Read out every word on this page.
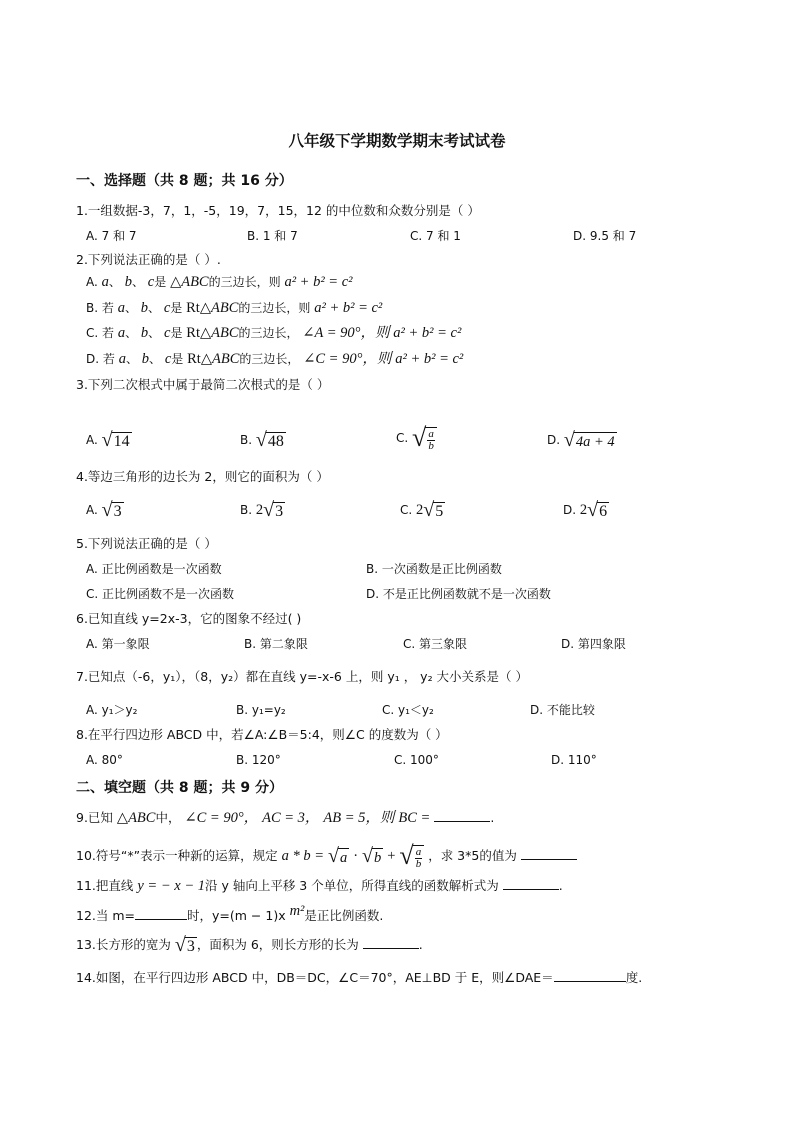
八年级下学期数学期末考试试卷
一、选择题（共 8 题；共 16 分）
1.一组数据-3，7，1，-5，19，7，15，12 的中位数和众数分别是（ ）
A. 7 和 7	B. 1 和 7	C. 7 和 1	D. 9.5 和 7
2.下列说法正确的是（ ）.
A. a、 b、 c是 △ABC的三边长，则 a² + b² = c²
B. 若 a、 b、 c是 Rt△ABC的三边长，则 a² + b² = c²
C. 若 a、 b、 c是 Rt△ABC的三边长， ∠A = 90°，则 a² + b² = c²
D. 若 a、 b、 c是 Rt△ABC的三边长， ∠C = 90°，则 a² + b² = c²
3.下列二次根式中属于最简二次根式的是（ ）
A. √ 14	B. √ 48	C. √ $\frac{a}{b}$	D. √ 4a + 4
4.等边三角形的边长为 2，则它的面积为（ ）
A. √ 3	B. 2 √ 3	C. 2 √ 5	D. 2 √ 6
5.下列说法正确的是（ ）
A. 正比例函数是一次函数	B. 一次函数是正比例函数
C. 正比例函数不是一次函数	D. 不是正比例函数就不是一次函数
6.已知直线 y=2x-3，它的图象不经过( )
A. 第一象限	B. 第二象限	C. 第三象限	D. 第四象限
7.已知点（-6，y₁），（8，y₂）都在直线 y=-x-6 上，则 y₁ ， y₂ 大小关系是（ ）
A. y₁＞y₂	B. y₁=y₂	C. y₁＜y₂	D. 不能比较
8.在平行四边形 ABCD 中，若∠A:∠B＝5:4，则∠C 的度数为（ ）
A. 80°	B. 120°	C. 100°	D. 110°
二、填空题（共 8 题；共 9 分）
9.已知 △ABC中， ∠C = 90°， AC = 3， AB = 5，则 BC =	.
10.符号“*”表示一种新的运算，规定 a * b = √ a · √ b + √ $\frac{a}{b}$ ，求 3*5的值为
11.把直线 y = − x − 1沿 y 轴向上平移 3 个单位，所得直线的函数解析式为	.
12.当 m=	时，y=(m − 1)x $^{m^2}$是正比例函数.
13.长方形的宽为 √ 3 ，面积为 6，则长方形的长为	.
14.如图，在平行四边形 ABCD 中，DB＝DC，∠C＝70°，AE⊥BD 于 E，则∠DAE＝	度.
